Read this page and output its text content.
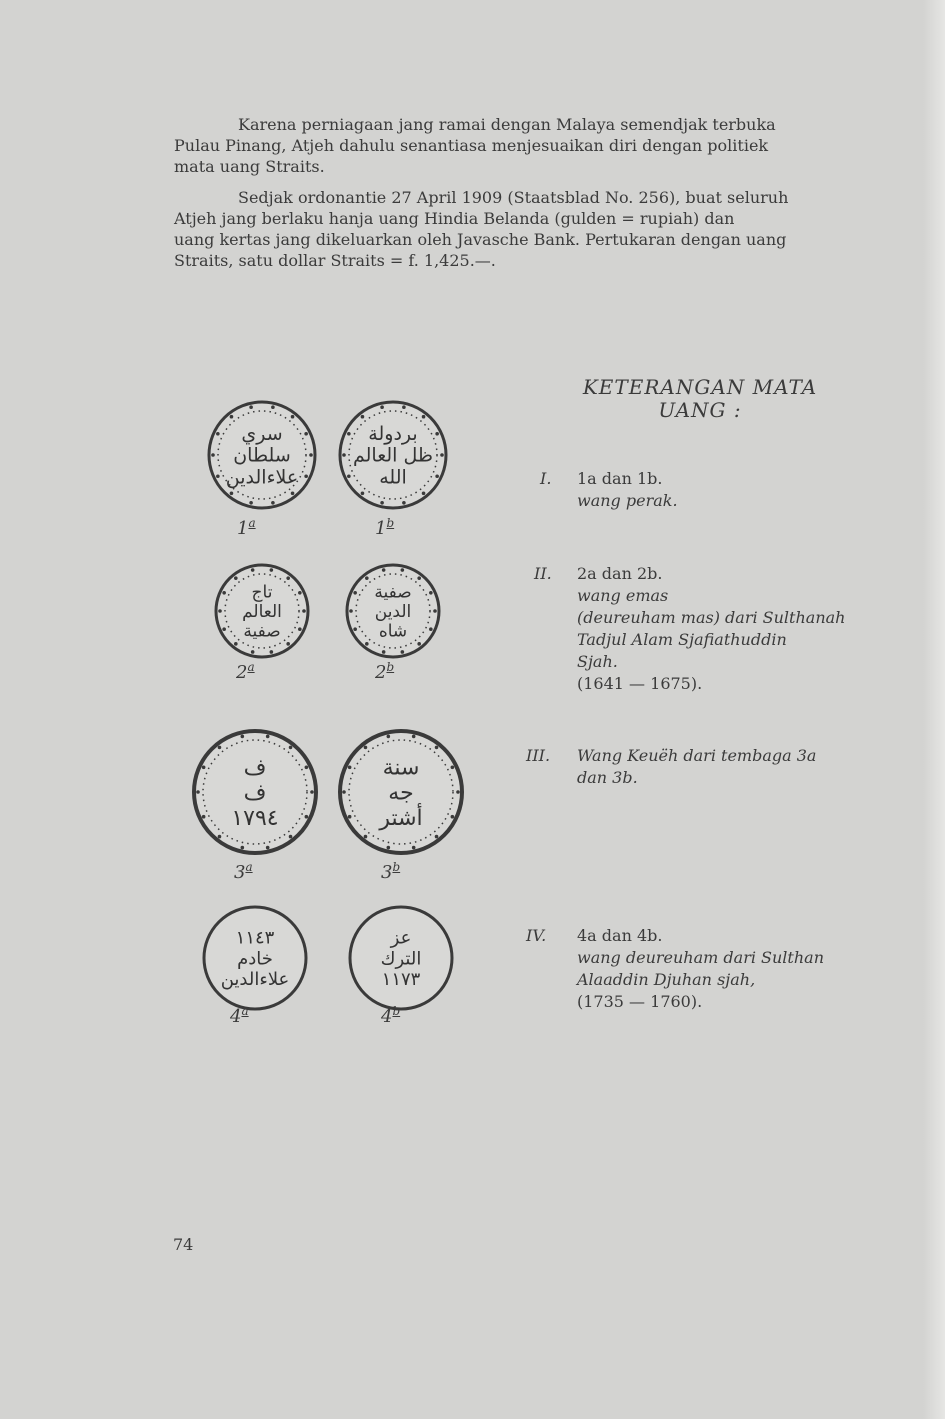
Karena perniagaan jang ramai dengan Malaya semendjak terbuka
Pulau Pinang, Atjeh dahulu senantiasa menjesuaikan diri dengan politiek
mata uang Straits.
Sedjak ordonantie 27 April 1909 (Staatsblad No. 256), buat seluruh
Atjeh jang berlaku hanja uang Hindia Belanda (gulden = rupiah) dan
uang kertas jang dikeluarkan oleh Javasche Bank. Pertukaran dengan uang
Straits, satu dollar Straits = f. 1,425.—.
KETERANGAN MATA
UANG :
I. 1a dan 1b.
wang perak.
II. 2a dan 2b.
wang emas
(deureuham mas) dari Sulthanah
Tadjul Alam Sjafiathuddin
Sjah.
(1641 — 1675).
III. Wang Keuëh dari tembaga 3a
dan 3b.
IV. 4a dan 4b.
wang deureuham dari Sulthan
Alaaddin Djuhan sjah,
(1735 — 1760).
سري
سلطان
علاءالدين
1$^a$
بردولة
ظل العالم
الله
1$^b$
تاج
العالم
صفية
2$^a$
صفية
الدين
شاه
2$^b$
ف
ف
١٧٩٤
3$^a$
سنة
جه
أشتر
3$^b$
١١٤٣
خادم
علاءالدين
4$^a$
عز
الترك
١١٧٣
4$^b$
74
